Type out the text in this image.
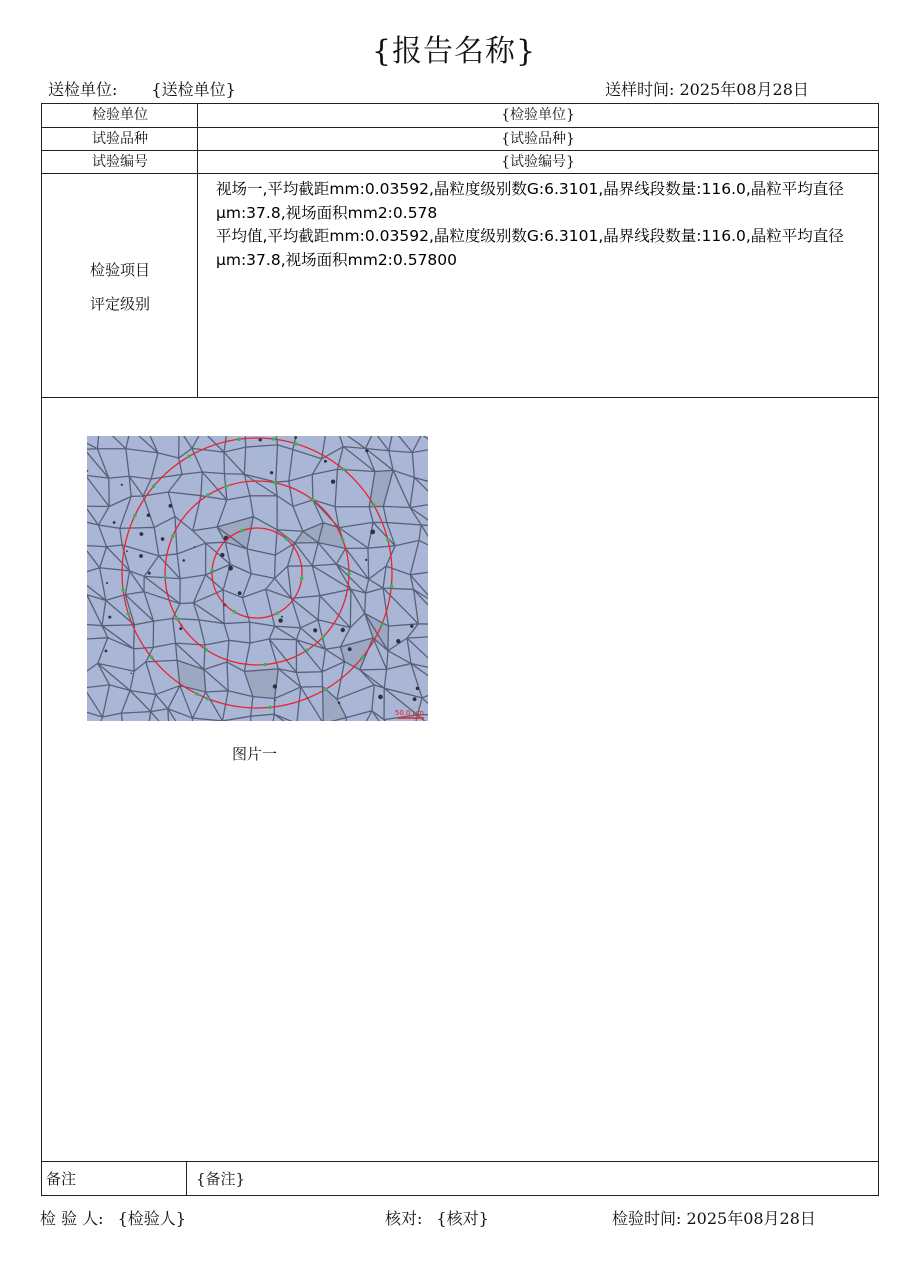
{报告名称}
送检单位: {送检单位}	送样时间: 2025年08月28日
检验单位	{检验单位}
试验品种	{试验品种}
试验编号	{试验编号}
检验项目
评定级别
视场一,平均截距mm:0.03592,晶粒度级别数G:6.3101,晶界线段数量:116.0,晶粒平均直径μm:37.8,视场面积mm2:0.578
平均值,平均截距mm:0.03592,晶粒度级别数G:6.3101,晶界线段数量:116.0,晶粒平均直径μm:37.8,视场面积mm2:0.57800
50.0 μm
图片一
备注	{备注}
检 验 人: {检验人}	核对: {核对}	检验时间: 2025年08月28日
